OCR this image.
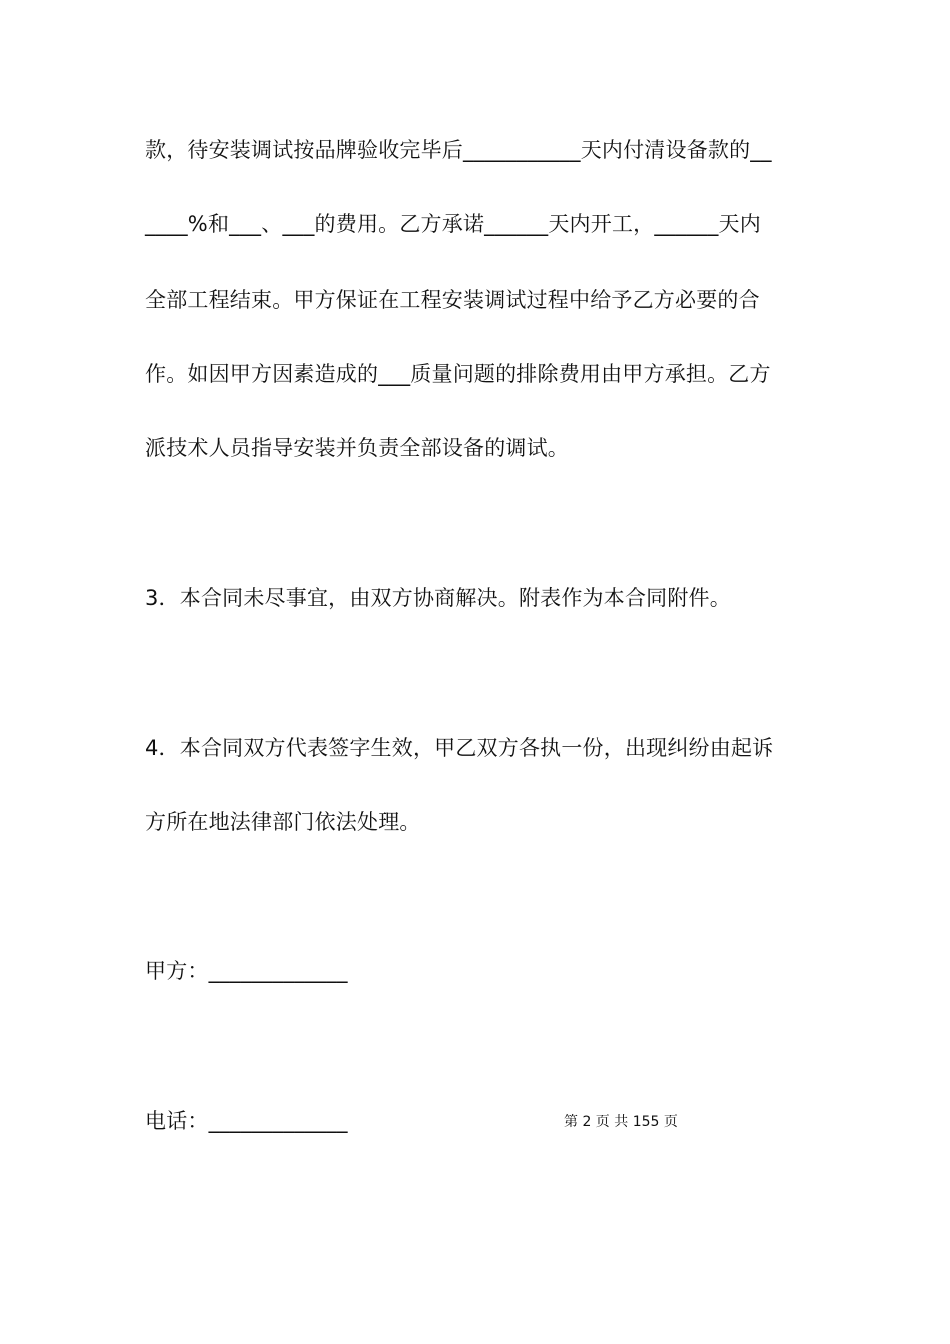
款，待安装调试按品牌验收完毕后___________天内付清设备款的__
____%和___、___的费用。乙方承诺______天内开工，______天内
全部工程结束。甲方保证在工程安装调试过程中给予乙方必要的合
作。如因甲方因素造成的___质量问题的排除费用由甲方承担。乙方
派技术人员指导安装并负责全部设备的调试。
3．本合同未尽事宜，由双方协商解决。附表作为本合同附件。
4．本合同双方代表签字生效，甲乙双方各执一份，出现纠纷由起诉
方所在地法律部门依法处理。
甲方：_____________
电话：_____________	第 2 页 共 155 页
